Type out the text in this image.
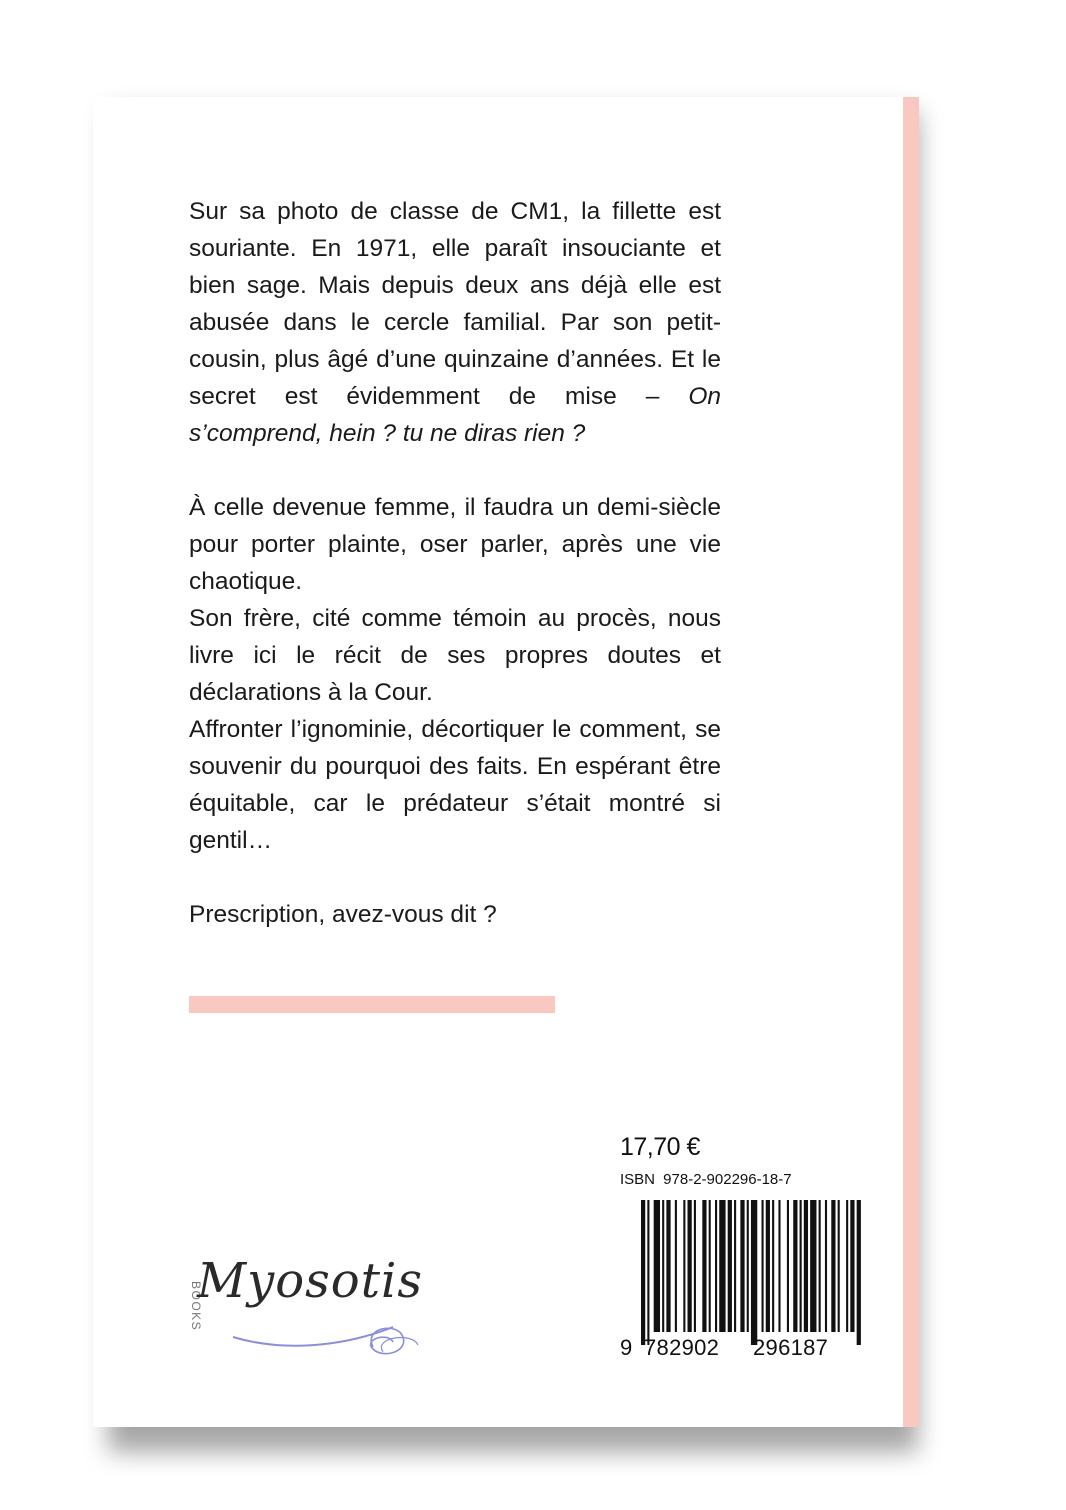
Sur sa photo de classe de CM1, la fillette est souriante. En 1971, elle paraît insouciante et bien sage. Mais depuis deux ans déjà elle est abusée dans le cercle familial. Par son petit-cousin, plus âgé d’une quinzaine d’années. Et le secret est évidemment de mise – On s’comprend, hein ? tu ne diras rien ?

À celle devenue femme, il faudra un demi-siècle pour porter plainte, oser parler, après une vie chaotique.

Son frère, cité comme témoin au procès, nous livre ici le récit de ses propres doutes et déclarations à la Cour.

Affronter l’ignominie, décortiquer le comment, se souvenir du pourquoi des faits. En espérant être équitable, car le prédateur s’était montré si gentil…

Prescription, avez-vous dit ?

17,70 €
ISBN 978-2-902296-18-7
9 782902 296187
BOOKS
Myosotis
